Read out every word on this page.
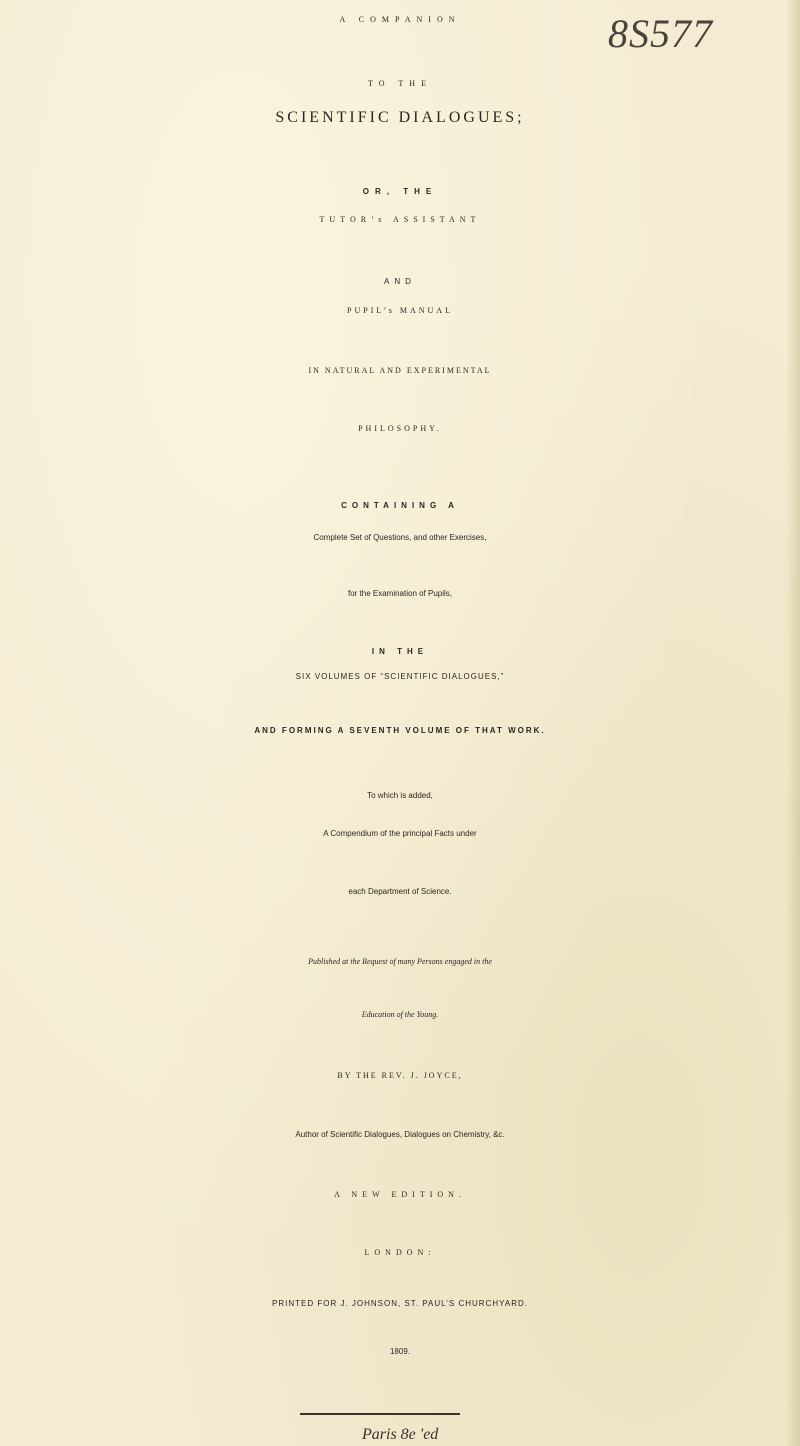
A COMPANION	8S577
TO THE
SCIENTIFIC DIALOGUES;
OR, THE
TUTOR’s ASSISTANT
AND
PUPIL’s MANUAL
IN NATURAL AND EXPERIMENTAL
PHILOSOPHY.
CONTAINING A
Complete Set of Questions, and other Exercises,
for the Examination of Pupils,
IN THE
SIX VOLUMES OF “SCIENTIFIC DIALOGUES,”
AND FORMING A SEVENTH VOLUME OF THAT WORK.
To which is added,
A Compendium of the principal Facts under
each Department of Science.
Published at the Request of many Persons engaged in the
Education of the Young.
BY THE REV. J. JOYCE,
Author of Scientific Dialogues, Dialogues on Chemistry, &c.
A NEW EDITION.
LONDON:
PRINTED FOR J. JOHNSON, ST. PAUL’S CHURCHYARD.
1809.
Paris 8e 'ed
